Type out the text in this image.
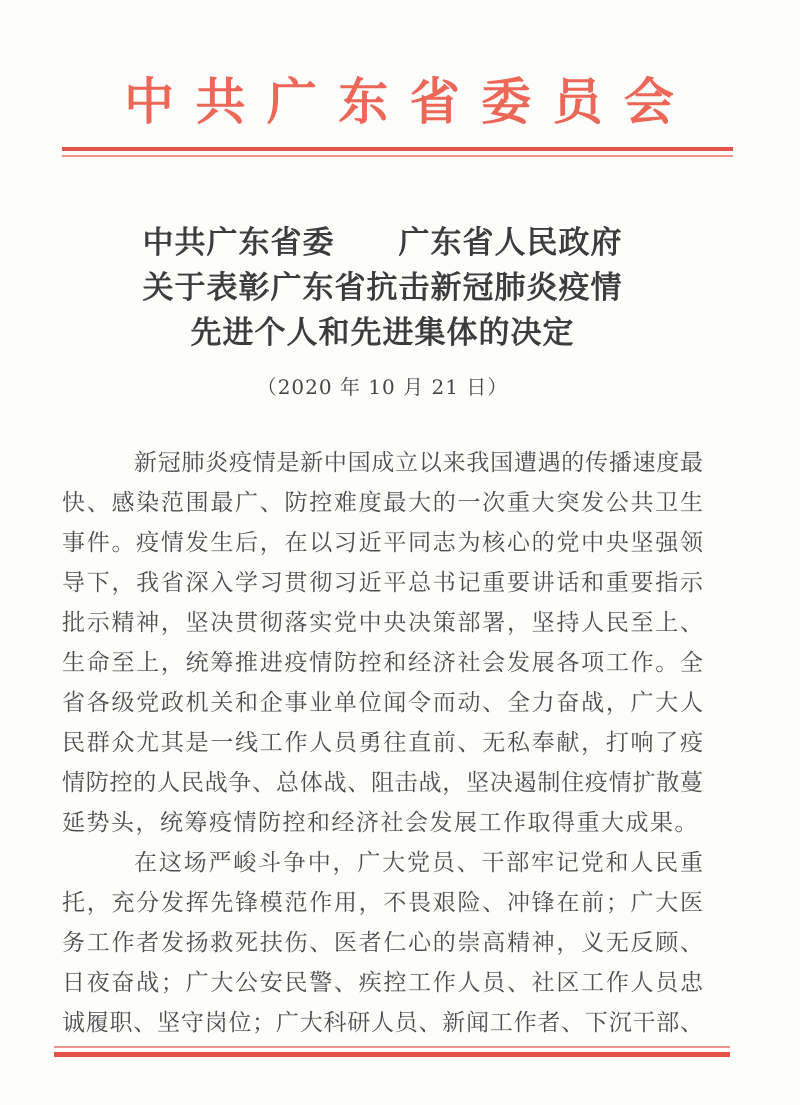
中 共 广 东 省 委 员 会
中共广东省委　　广东省人民政府
关于表彰广东省抗击新冠肺炎疫情
先进个人和先进集体的决定
（2020 年 10 月 21 日）
新冠肺炎疫情是新中国成立以来我国遭遇的传播速度最
快、感染范围最广、防控难度最大的一次重大突发公共卫生
事件。疫情发生后，在以习近平同志为核心的党中央坚强领
导下，我省深入学习贯彻习近平总书记重要讲话和重要指示
批示精神，坚决贯彻落实党中央决策部署，坚持人民至上、
生命至上，统筹推进疫情防控和经济社会发展各项工作。全
省各级党政机关和企事业单位闻令而动、全力奋战，广大人
民群众尤其是一线工作人员勇往直前、无私奉献，打响了疫
情防控的人民战争、总体战、阻击战，坚决遏制住疫情扩散蔓
延势头，统筹疫情防控和经济社会发展工作取得重大成果。
在这场严峻斗争中，广大党员、干部牢记党和人民重
托，充分发挥先锋模范作用，不畏艰险、冲锋在前；广大医
务工作者发扬救死扶伤、医者仁心的崇高精神，义无反顾、
日夜奋战；广大公安民警、疾控工作人员、社区工作人员忠
诚履职、坚守岗位；广大科研人员、新闻工作者、下沉干部、
